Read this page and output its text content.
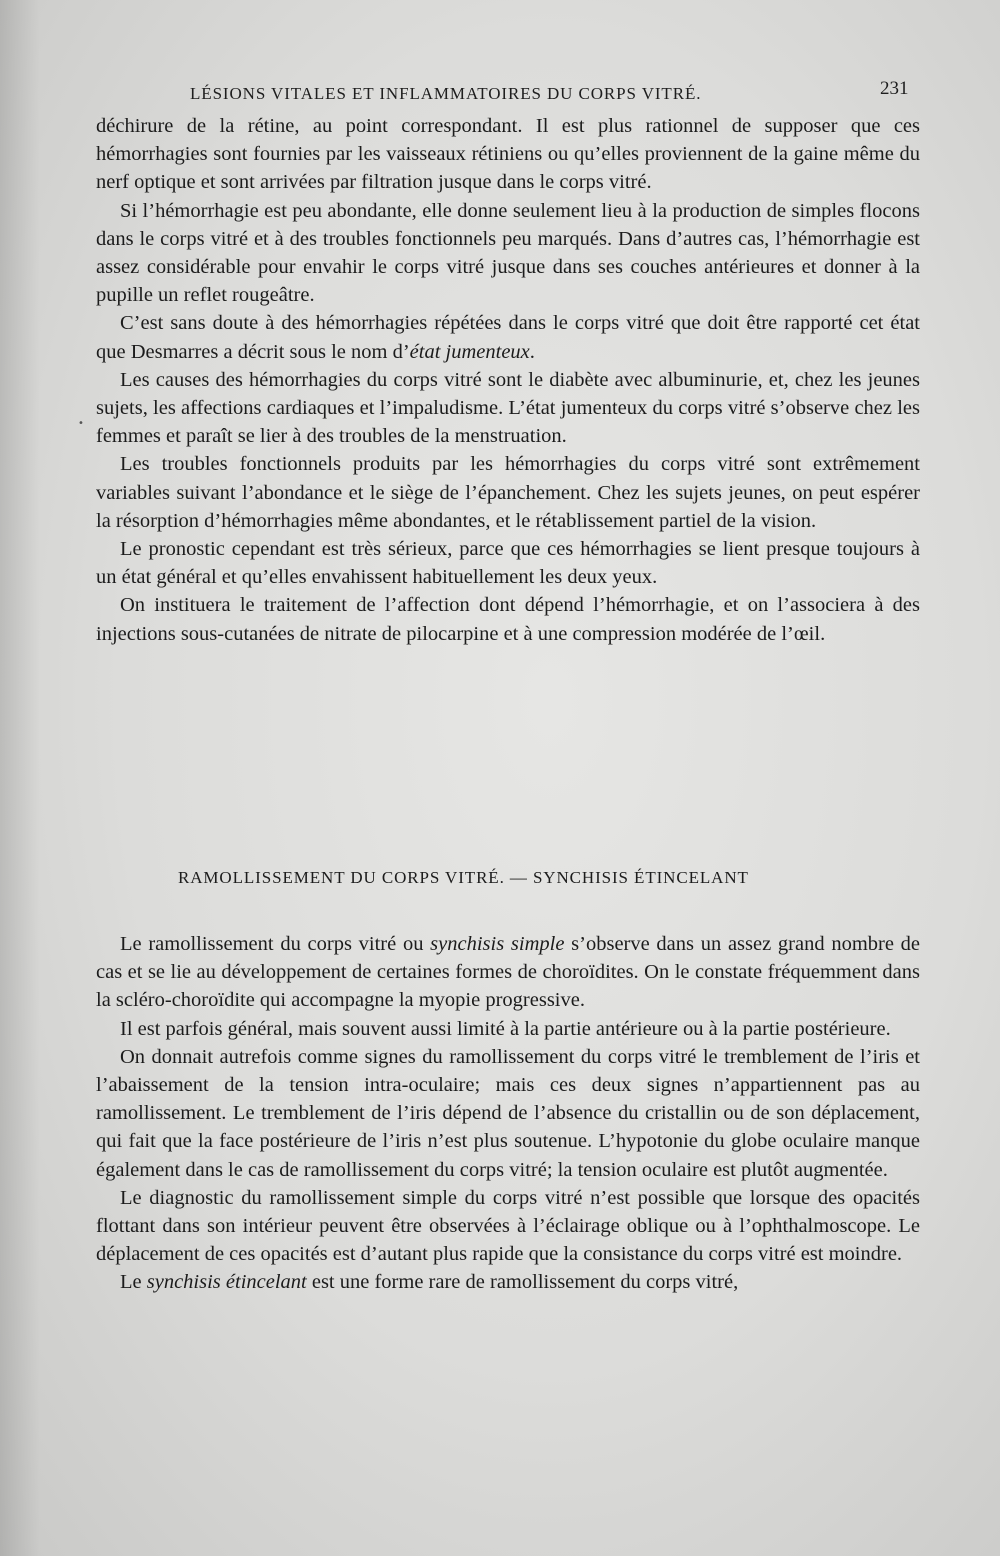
LÉSIONS VITALES ET INFLAMMATOIRES DU CORPS VITRÉ.	231
•

déchirure de la rétine, au point correspondant. Il est plus rationnel de supposer que ces hémorrhagies sont fournies par les vaisseaux rétiniens ou qu’elles proviennent de la gaine même du nerf optique et sont arrivées par filtration jusque dans le corps vitré.

Si l’hémorrhagie est peu abondante, elle donne seulement lieu à la production de simples flocons dans le corps vitré et à des troubles fonctionnels peu marqués. Dans d’autres cas, l’hémorrhagie est assez considérable pour envahir le corps vitré jusque dans ses couches antérieures et donner à la pupille un reflet rougeâtre.

C’est sans doute à des hémorrhagies répétées dans le corps vitré que doit être rapporté cet état que Desmarres a décrit sous le nom d’état jumenteux.

Les causes des hémorrhagies du corps vitré sont le diabète avec albuminurie, et, chez les jeunes sujets, les affections cardiaques et l’impaludisme. L’état jumenteux du corps vitré s’observe chez les femmes et paraît se lier à des troubles de la menstruation.

Les troubles fonctionnels produits par les hémorrhagies du corps vitré sont extrêmement variables suivant l’abondance et le siège de l’épanchement. Chez les sujets jeunes, on peut espérer la résorption d’hémorrhagies même abondantes, et le rétablissement partiel de la vision.

Le pronostic cependant est très sérieux, parce que ces hémorrhagies se lient presque toujours à un état général et qu’elles envahissent habituellement les deux yeux.

On instituera le traitement de l’affection dont dépend l’hémorrhagie, et on l’associera à des injections sous-cutanées de nitrate de pilocarpine et à une compression modérée de l’œil.

RAMOLLISSEMENT DU CORPS VITRÉ. — SYNCHISIS ÉTINCELANT

Le ramollissement du corps vitré ou synchisis simple s’observe dans un assez grand nombre de cas et se lie au développement de certaines formes de choroïdites. On le constate fréquemment dans la scléro-choroïdite qui accompagne la myopie progressive.

Il est parfois général, mais souvent aussi limité à la partie antérieure ou à la partie postérieure.

On donnait autrefois comme signes du ramollissement du corps vitré le tremblement de l’iris et l’abaissement de la tension intra-oculaire; mais ces deux signes n’appartiennent pas au ramollissement. Le tremblement de l’iris dépend de l’absence du cristallin ou de son déplacement, qui fait que la face postérieure de l’iris n’est plus soutenue. L’hypotonie du globe oculaire manque également dans le cas de ramollissement du corps vitré; la tension oculaire est plutôt augmentée.

Le diagnostic du ramollissement simple du corps vitré n’est possible que lorsque des opacités flottant dans son intérieur peuvent être observées à l’éclairage oblique ou à l’ophthalmoscope. Le déplacement de ces opacités est d’autant plus rapide que la consistance du corps vitré est moindre.

Le synchisis étincelant est une forme rare de ramollissement du corps vitré,
